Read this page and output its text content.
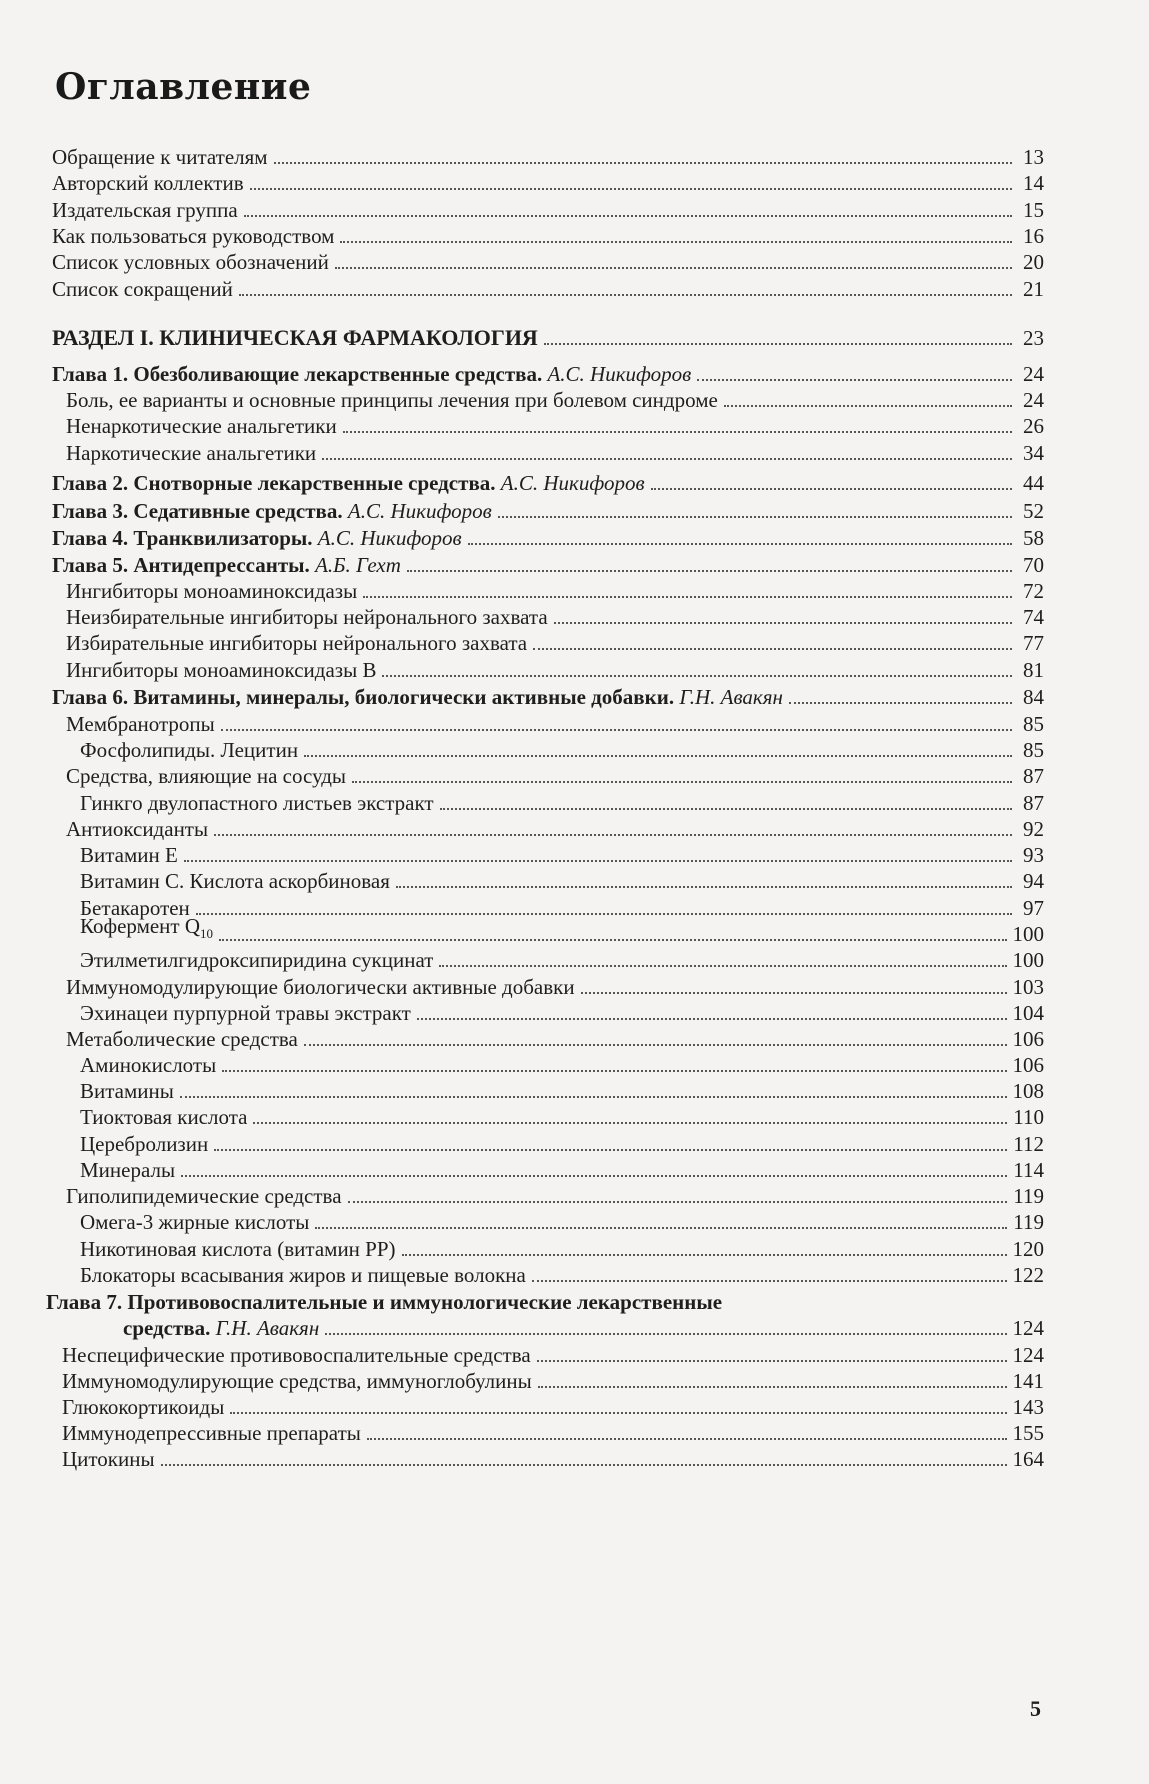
Оглавление
Обращение к читателям	13
Авторский коллектив	14
Издательская группа	15
Как пользоваться руководством	16
Список условных обозначений	20
Список сокращений	21
РАЗДЕЛ I. КЛИНИЧЕСКАЯ ФАРМАКОЛОГИЯ	23
Глава 1. Обезболивающие лекарственные средства. А.С. Никифоров	24
Боль, ее варианты и основные принципы лечения при болевом синдроме	24
Ненаркотические анальгетики	26
Наркотические анальгетики	34
Глава 2. Снотворные лекарственные средства. А.С. Никифоров	44
Глава 3. Седативные средства. А.С. Никифоров	52
Глава 4. Транквилизаторы. А.С. Никифоров	58
Глава 5. Антидепрессанты. А.Б. Гехт	70
Ингибиторы моноаминоксидазы	72
Неизбирательные ингибиторы нейронального захвата	74
Избирательные ингибиторы нейронального захвата	77
Ингибиторы моноаминоксидазы В	81
Глава 6. Витамины, минералы, биологически активные добавки. Г.Н. Авакян	84
Мембранотропы	85
Фосфолипиды. Лецитин	85
Средства, влияющие на сосуды	87
Гинкго двулопастного листьев экстракт	87
Антиоксиданты	92
Витамин Е	93
Витамин С. Кислота аскорбиновая	94
Бетакаротен	97
Кофермент $Q_{10}$	100
Этилметилгидроксипиридина сукцинат	100
Иммуномодулирующие биологически активные добавки	103
Эхинацеи пурпурной травы экстракт	104
Метаболические средства	106
Аминокислоты	106
Витамины	108
Тиоктовая кислота	110
Церебролизин	112
Минералы	114
Гиполипидемические средства	119
Омега-3 жирные кислоты	119
Никотиновая кислота (витамин РР)	120
Блокаторы всасывания жиров и пищевые волокна	122
Глава 7. Противовоспалительные и иммунологические лекарственные
средства. Г.Н. Авакян	124
Неспецифические противовоспалительные средства	124
Иммуномодулирующие средства, иммуноглобулины	141
Глюкокортикоиды	143
Иммунодепрессивные препараты	155
Цитокины	164
5
